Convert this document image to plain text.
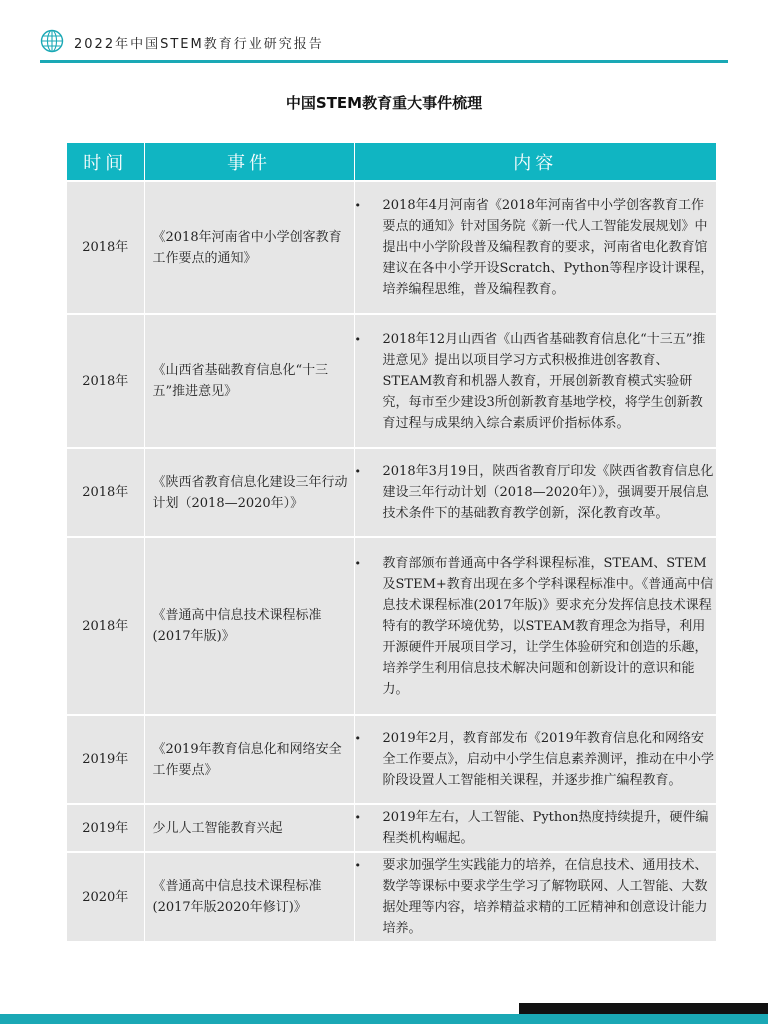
2022年中国STEM教育行业研究报告
中国STEM教育重大事件梳理
时间	事件	内容
2018年	《2018年河南省中小学创客教育工作要点的通知》	• 2018年4月河南省《2018年河南省中小学创客教育工作要点的通知》针对国务院《新一代人工智能发展规划》中提出中小学阶段普及编程教育的要求，河南省电化教育馆建议在各中小学开设Scratch、Python等程序设计课程，培养编程思维，普及编程教育。

2018年	《山西省基础教育信息化“十三五”推进意见》	• 2018年12月山西省《山西省基础教育信息化“十三五”推进意见》提出以项目学习方式积极推进创客教育、STEAM教育和机器人教育，开展创新教育模式实验研究，每市至少建设3所创新教育基地学校，将学生创新教育过程与成果纳入综合素质评价指标体系。

2018年	《陕西省教育信息化建设三年行动计划（2018—2020年）》	• 2018年3月19日，陕西省教育厅印发《陕西省教育信息化建设三年行动计划（2018—2020年）》，强调要开展信息技术条件下的基础教育教学创新，深化教育改革。

2018年	《普通高中信息技术课程标准(2017年版)》	• 教育部颁布普通高中各学科课程标准，STEAM、STEM及STEM+教育出现在多个学科课程标准中。《普通高中信息技术课程标准(2017年版)》要求充分发挥信息技术课程特有的教学环境优势，以STEAM教育理念为指导，利用开源硬件开展项目学习，让学生体验研究和创造的乐趣，培养学生利用信息技术解决问题和创新设计的意识和能力。

2019年	《2019年教育信息化和网络安全工作要点》	• 2019年2月，教育部发布《2019年教育信息化和网络安全工作要点》，启动中小学生信息素养测评，推动在中小学阶段设置人工智能相关课程，并逐步推广编程教育。

2019年	少儿人工智能教育兴起	• 2019年左右，人工智能、Python热度持续提升，硬件编程类机构崛起。

2020年	《普通高中信息技术课程标准(2017年版2020年修订)》	• 要求加强学生实践能力的培养，在信息技术、通用技术、数学等课标中要求学生学习了解物联网、人工智能、大数据处理等内容，培养精益求精的工匠精神和创意设计能力培养。
